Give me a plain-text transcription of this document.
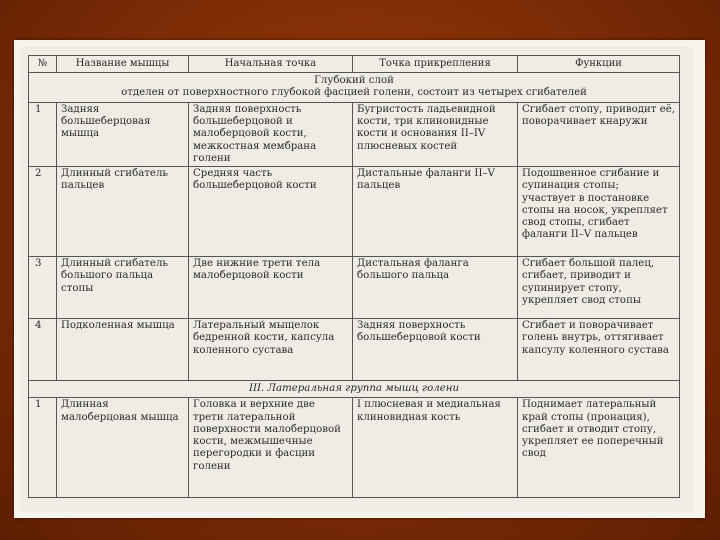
№	Название мышцы	Начальная точка	Точка прикрепления	Функции

Глубокий слой
отделен от поверхностного глубокой фасцией голени, состоит из четырех сгибателей				

1	Задняя большеберцовая мышца	Задняя поверхность большеберцовой и малоберцовой кости, межкостная мембрана голени	Бугристость ладьевидной кости, три клиновидные кости и основания II–IV плюсневых костей	Сгибает стопу, приводит её, поворачивает кнаружи
2	Длинный сгибатель пальцев	Средняя часть большеберцовой кости	Дистальные фаланги II–V пальцев	Подошвенное сгибание и супинация стопы; участвует в постановке стопы на носок, укрепляет свод стопы, сгибает фаланги II–V пальцев
3	Длинный сгибатель большого пальца стопы	Две нижние трети тела малоберцовой кости	Дистальная фаланга большого пальца	Сгибает большой палец, сгибает, приводит и супинирует стопу, укрепляет свод стопы
4	Подколенная мышца	Латеральный мыщелок бедренной кости, капсула коленного сустава	Задняя поверхность большеберцовой кости	Сгибает и поворачивает голень внутрь, оттягивает капсулу коленного сустава
III. Латеральная группа мышц голени				
1	Длинная малоберцовая мышца	Головка и верхние две трети латеральной поверхности малоберцовой кости, межмышечные перегородки и фасции голени	I плюсневая и медиальная клиновидная кость	Поднимает латеральный край стопы (пронация), сгибает и отводит стопу, укрепляет ее поперечный свод
